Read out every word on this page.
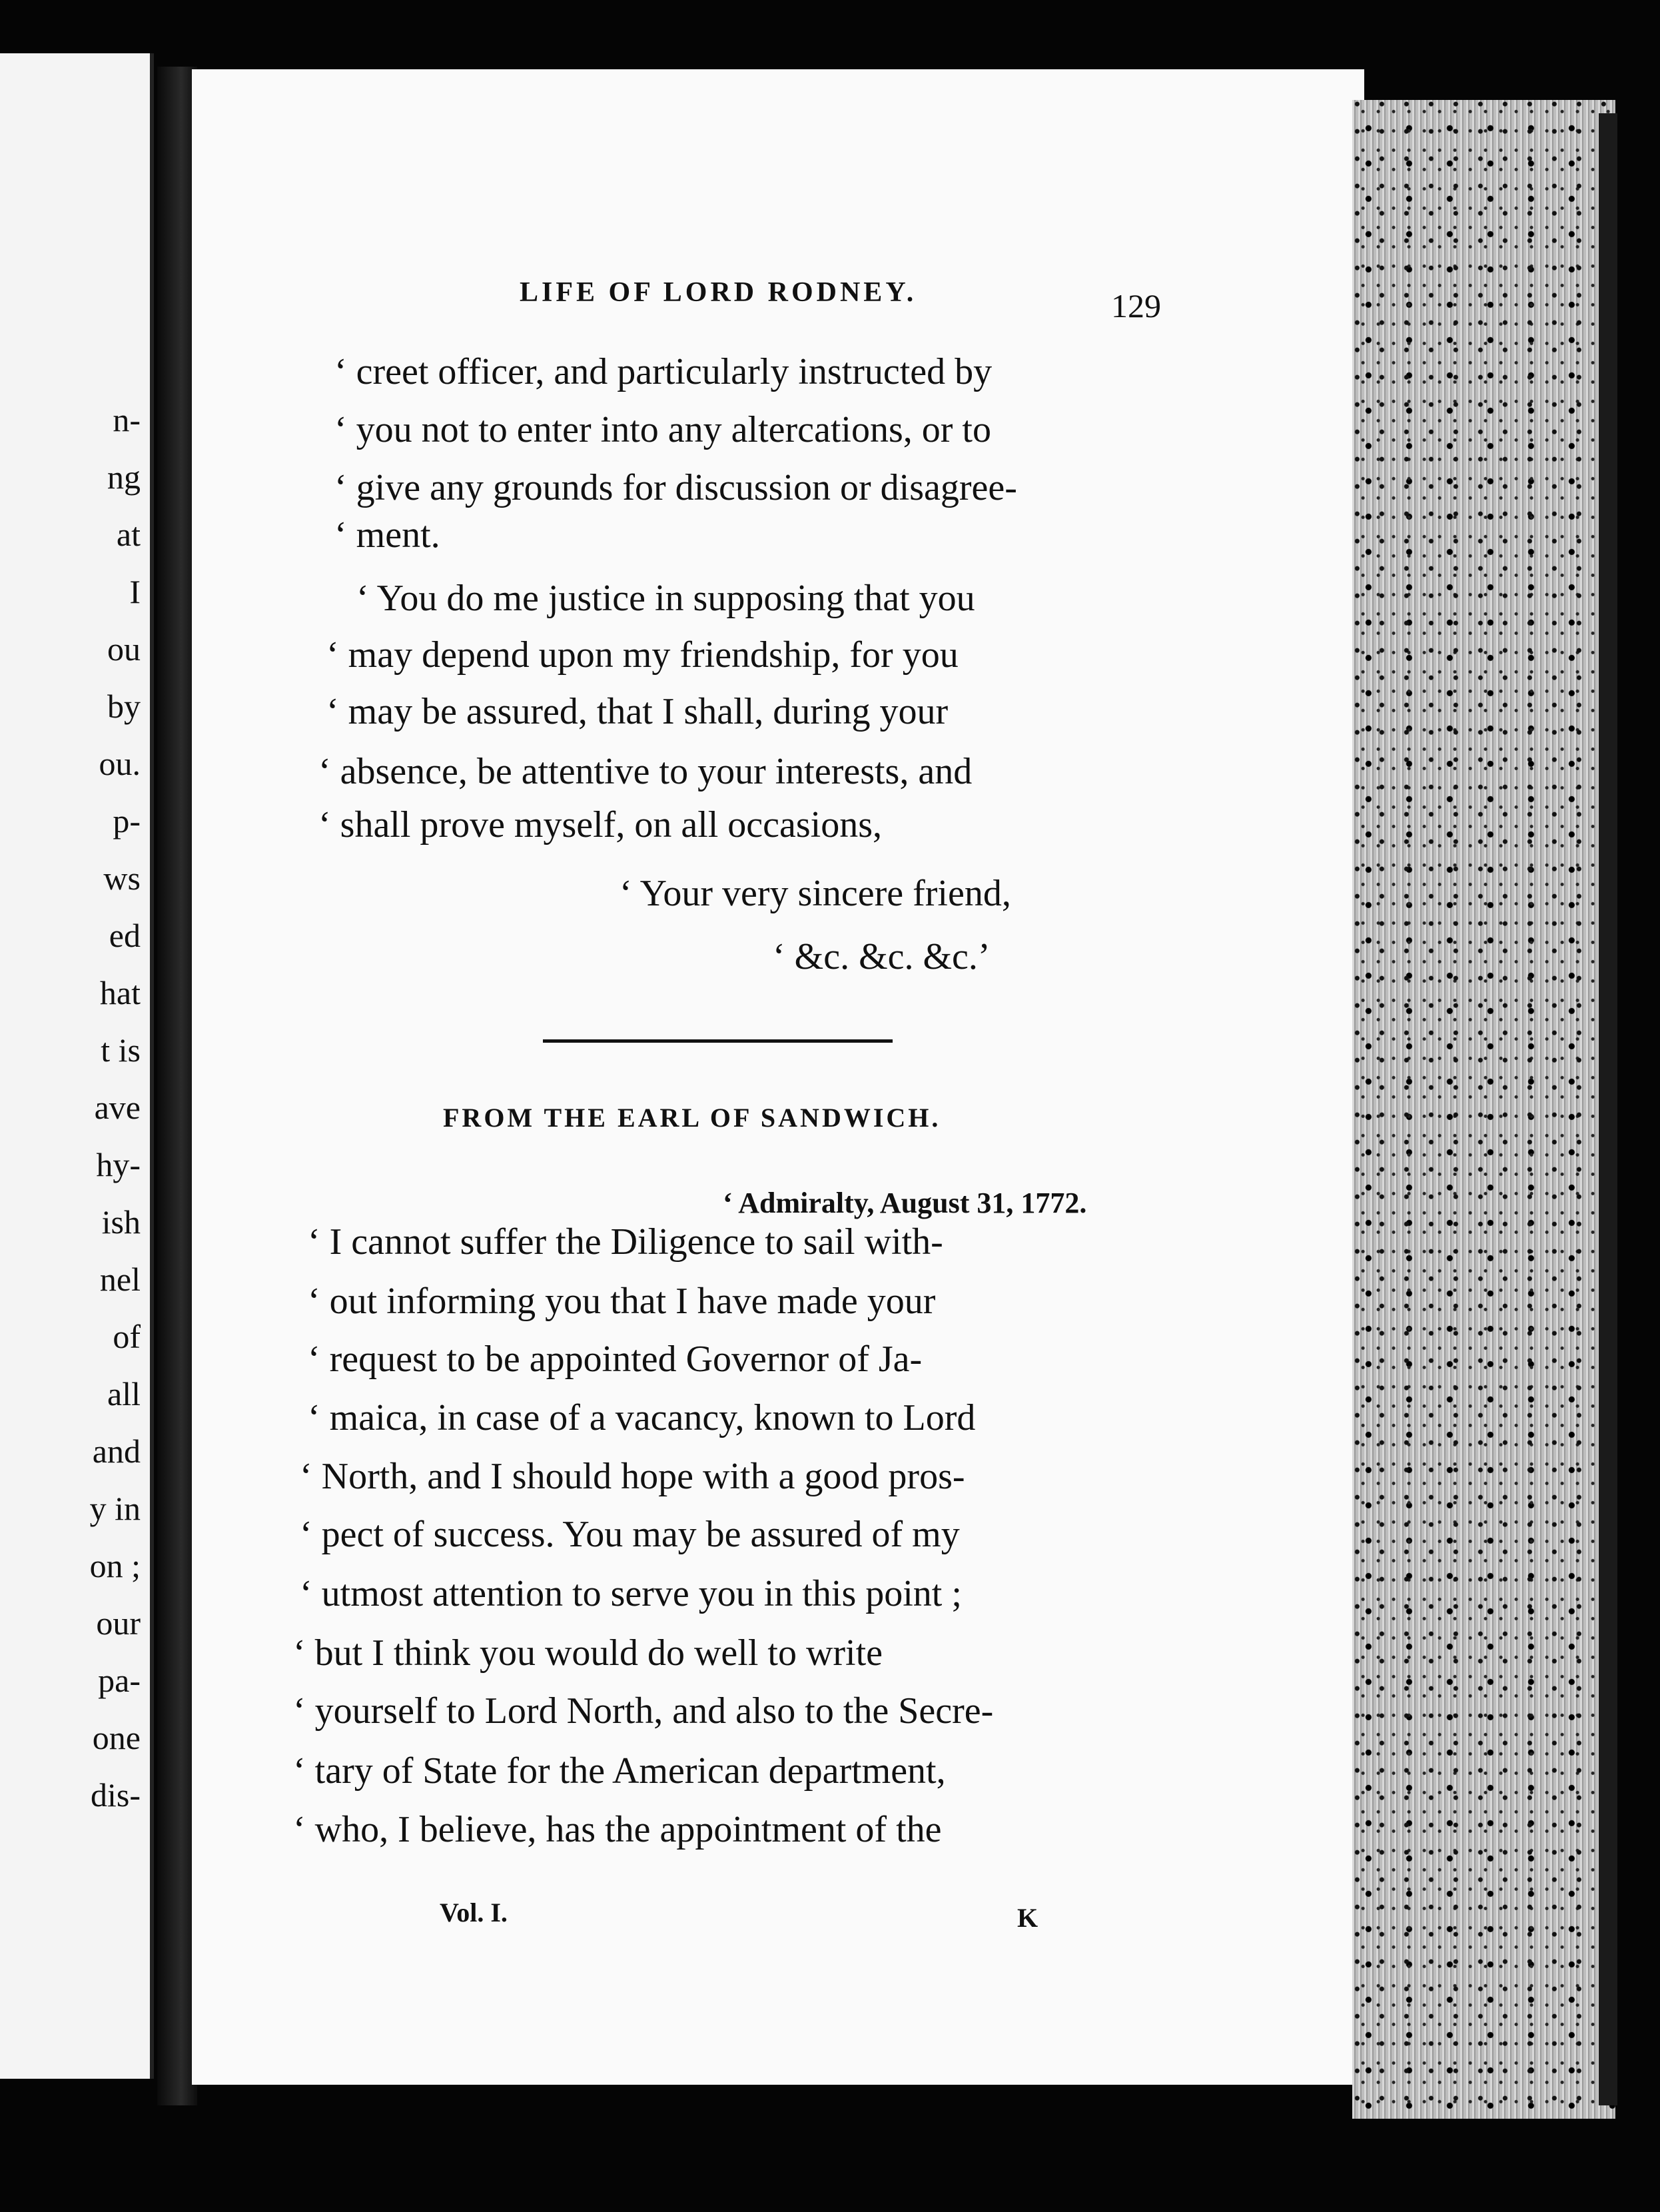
n-
ng
at
I
ou
by
ou.
p-
ws
ed
hat
t is
ave
hy-
ish
nel
of
all
and
y in
on ;
our
pa-
one
dis-
LIFE OF LORD RODNEY.	129
‘ creet officer, and particularly instructed by
‘ you not to enter into any altercations, or to
‘ give any grounds for discussion or disagree-
‘ ment.
‘ You do me justice in supposing that you
‘ may depend upon my friendship, for you
‘ may be assured, that I shall, during your
‘ absence, be attentive to your interests, and
‘ shall prove myself, on all occasions,
‘ Your very sincere friend,
‘ &c. &c. &c.’
FROM THE EARL OF SANDWICH.
‘ Admiralty, August 31, 1772.
‘ I cannot suffer the Diligence to sail with-
‘ out informing you that I have made your
‘ request to be appointed Governor of Ja-
‘ maica, in case of a vacancy, known to Lord
‘ North, and I should hope with a good pros-
‘ pect of success. You may be assured of my
‘ utmost attention to serve you in this point ;
‘ but I think you would do well to write
‘ yourself to Lord North, and also to the Secre-
‘ tary of State for the American department,
‘ who, I believe, has the appointment of the
Vol. I.	K
